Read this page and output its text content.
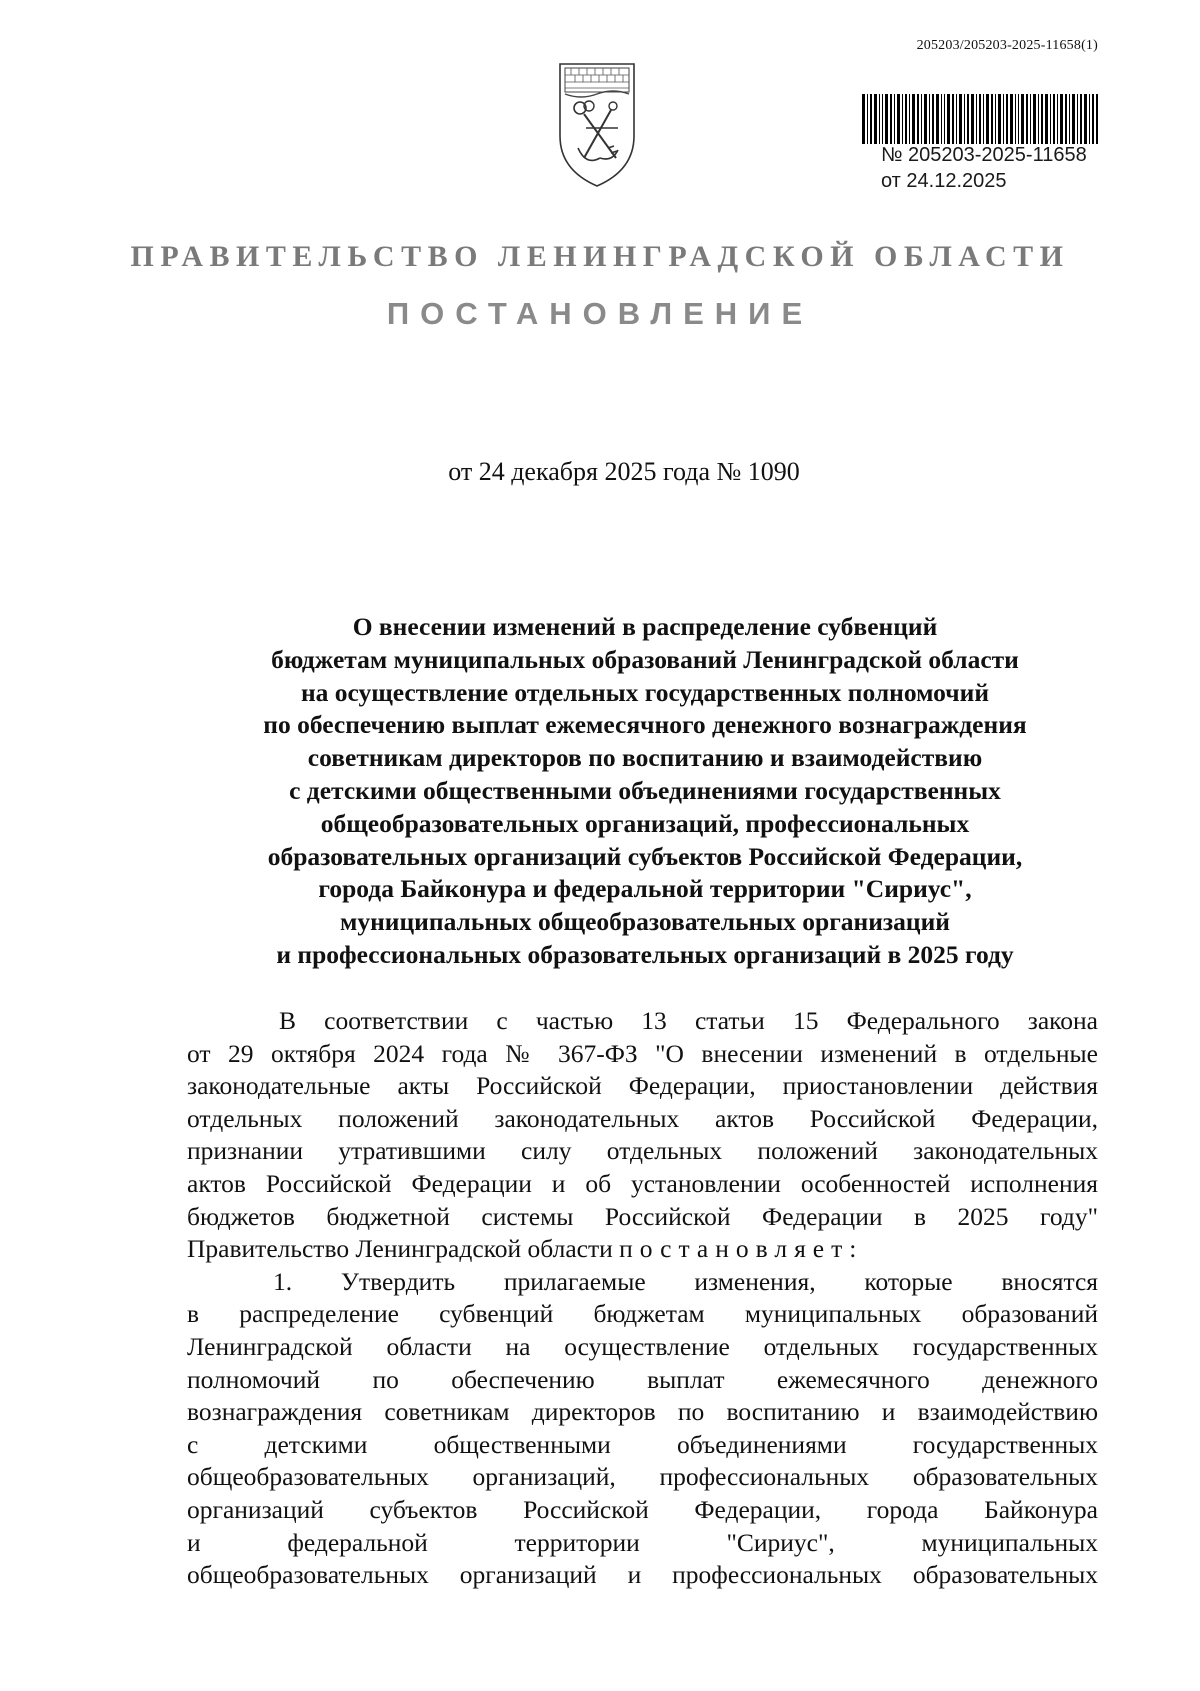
205203/205203-2025-11658(1)
№ 205203-2025-11658
от 24.12.2025
ПРАВИТЕЛЬСТВО ЛЕНИНГРАДСКОЙ ОБЛАСТИ
ПОСТАНОВЛЕНИЕ
от 24 декабря 2025 года № 1090
О внесении изменений в распределение субвенций
бюджетам муниципальных образований Ленинградской области
на осуществление отдельных государственных полномочий
по обеспечению выплат ежемесячного денежного вознаграждения
советникам директоров по воспитанию и взаимодействию
с детскими общественными объединениями государственных
общеобразовательных организаций, профессиональных
образовательных организаций субъектов Российской Федерации,
города Байконура и федеральной территории "Сириус",
муниципальных общеобразовательных организаций
и профессиональных образовательных организаций в 2025 году
В соответствии с частью 13 статьи 15 Федерального закона
от 29 октября 2024 года № 367-ФЗ "О внесении изменений в отдельные
законодательные акты Российской Федерации, приостановлении действия
отдельных положений законодательных актов Российской Федерации,
признании утратившими силу отдельных положений законодательных
актов Российской Федерации и об установлении особенностей исполнения
бюджетов бюджетной системы Российской Федерации в 2025 году"
Правительство Ленинградской области постановляет:
1. Утвердить прилагаемые изменения, которые вносятся
в распределение субвенций бюджетам муниципальных образований
Ленинградской области на осуществление отдельных государственных
полномочий по обеспечению выплат ежемесячного денежного
вознаграждения советникам директоров по воспитанию и взаимодействию
с детскими общественными объединениями государственных
общеобразовательных организаций, профессиональных образовательных
организаций субъектов Российской Федерации, города Байконура
и федеральной территории "Сириус", муниципальных
общеобразовательных организаций и профессиональных образовательных
